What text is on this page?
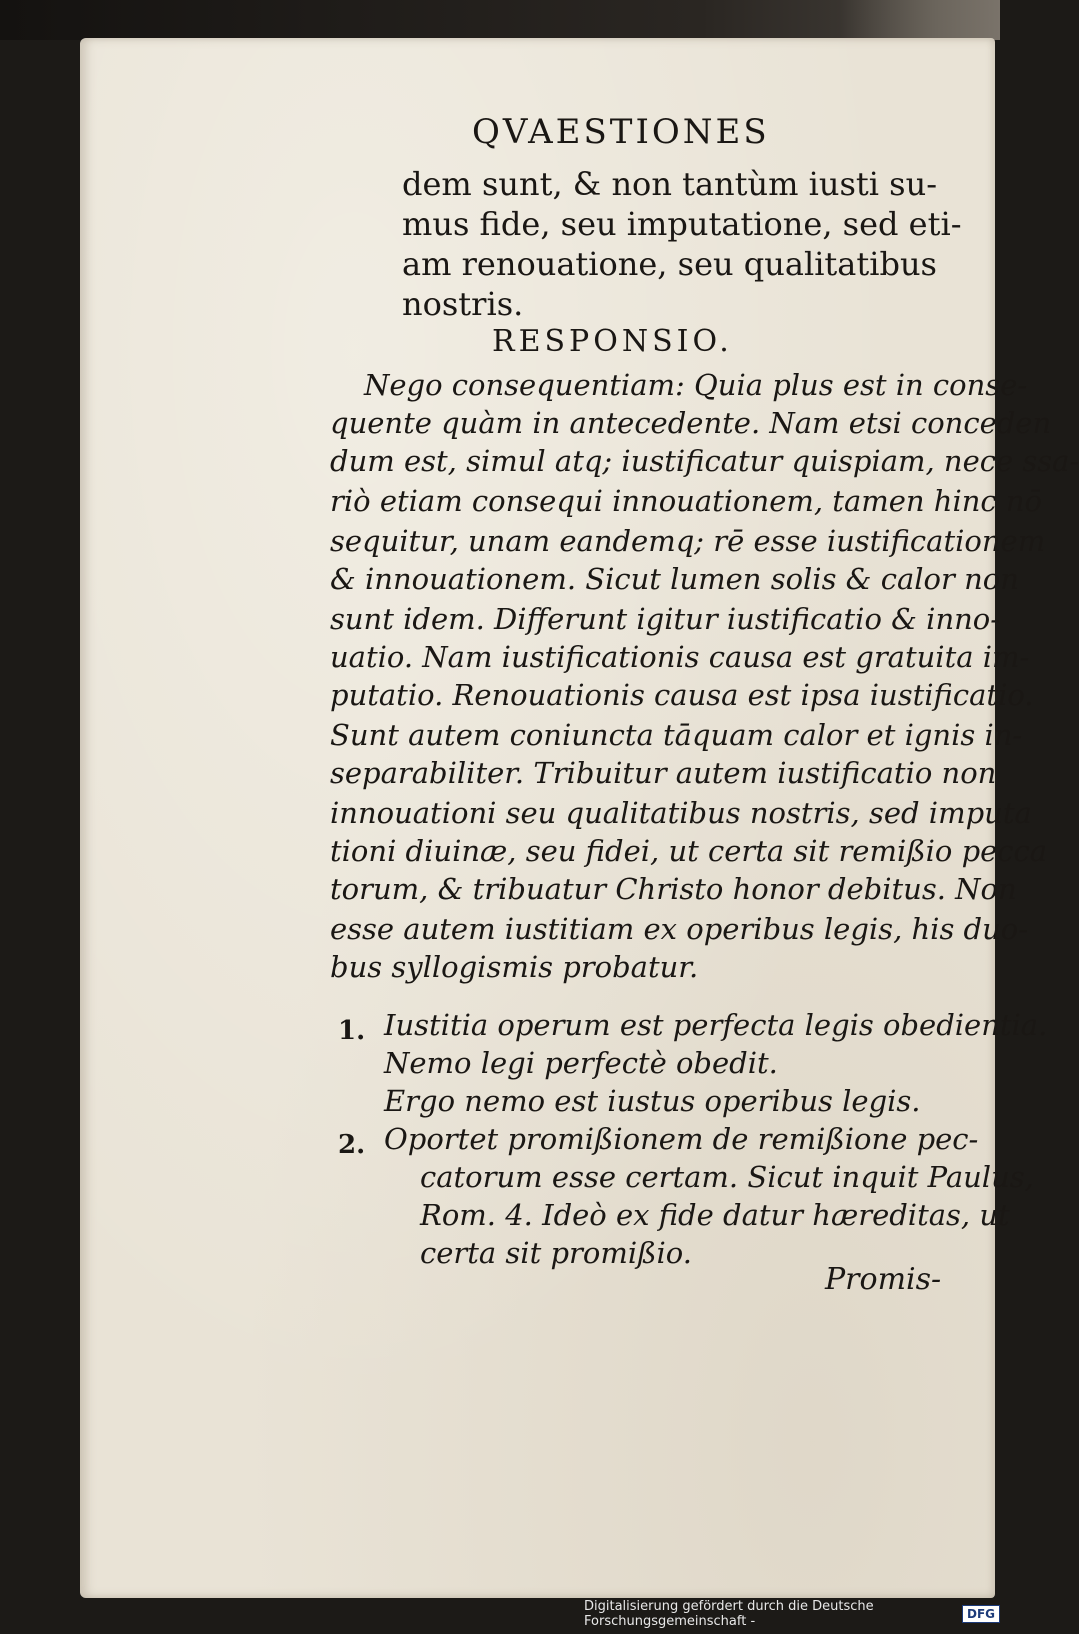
QVAESTIONES
dem sunt, & non tantùm iusti su-
mus fide, seu imputatione, sed eti-
am renouatione, seu qualitatibus
nostris.
RESPONSIO.
Nego consequentiam: Quia plus est in conse-
quente quàm in antecedente. Nam etsi conceden
dum est, simul atq; iustificatur quispiam, nece ssa-
riò etiam consequi innouationem, tamen hinc nō
sequitur, unam eandemq; rē esse iustificationem
& innouationem. Sicut lumen solis & calor non
sunt idem. Differunt igitur iustificatio & inno-
uatio. Nam iustificationis causa est gratuita im-
putatio. Renouationis causa est ipsa iustificatio.
Sunt autem coniuncta tāquam calor et ignis in-
separabiliter. Tribuitur autem iustificatio non
innouationi seu qualitatibus nostris, sed imputa
tioni diuinæ, seu fidei, ut certa sit remißio pecca
torum, & tribuatur Christo honor debitus. Non
esse autem iustitiam ex operibus legis, his duo-
bus syllogismis probatur.
1. Iustitia operum est perfecta legis obedientia.
Nemo legi perfectè obedit.
Ergo nemo est iustus operibus legis.
2. Oportet promißionem de remißione pec-
catorum esse certam. Sicut inquit Paulus,
Rom. 4. Ideò ex fide datur hæreditas, ut
certa sit promißio.
Promis-
Digitalisierung gefördert durch die Deutsche Forschungsgemeinschaft -	DFG
